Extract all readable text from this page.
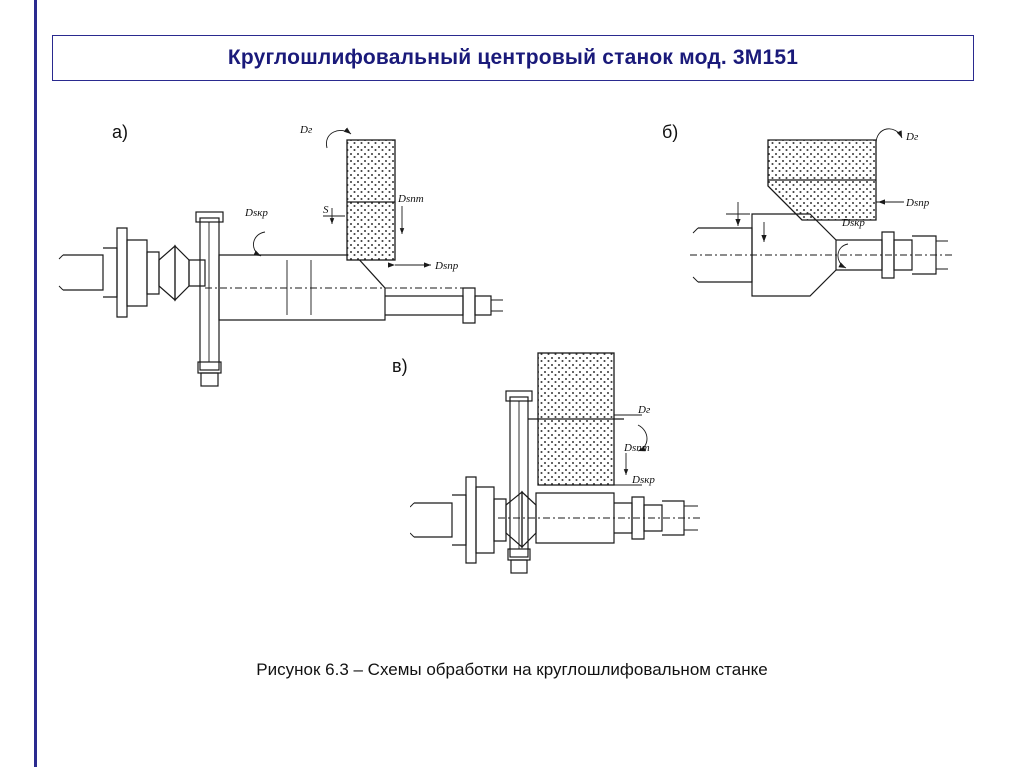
Круглошлифовальный центровый станок мод. 3М151
а)	б)
в)
Dг
Dsкр	S
Dsпт
Dsпр
Dг
Dsпр
Dsкр
Dг
Dsпт
Dsкр
Рисунок 6.3 – Схемы обработки на круглошлифовальном станке
